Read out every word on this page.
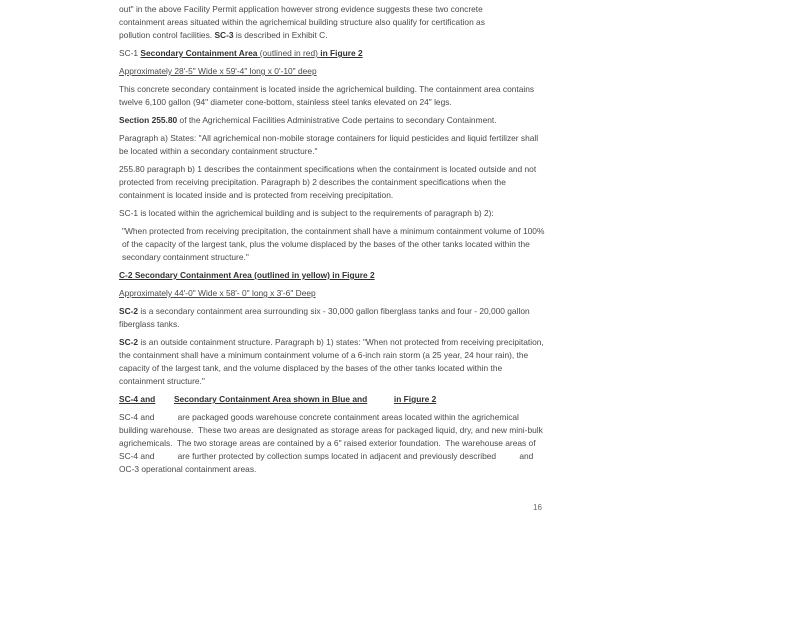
out" in the above Facility Permit application however strong evidence suggests these two concrete
containment areas situated within the agrichemical building structure also qualify for certification as
pollution control facilities. SC-3 is described in Exhibit C.

SC-1 Secondary Containment Area (outlined in red) in Figure 2

Approximately 28'-5" Wide x 59'-4" long x 0'-10" deep

This concrete secondary containment is located inside the agrichemical building. The containment area contains twelve 6,100 gallon (94" diameter cone-bottom, stainless steel tanks elevated on 24" legs.

Section 255.80 of the Agrichemical Facilities Administrative Code pertains to secondary Containment.

Paragraph a) States: "All agrichemical non-mobile storage containers for liquid pesticides and liquid fertilizer shall be located within a secondary containment structure."

255.80 paragraph b) 1 describes the containment specifications when the containment is located outside and not protected from receiving precipitation. Paragraph b) 2 describes the containment specifications when the containment is located inside and is protected from receiving precipitation.

SC-1 is located within the agrichemical building and is subject to the requirements of paragraph b) 2):

"When protected from receiving precipitation, the containment shall have a minimum containment volume of 100% of the capacity of the largest tank, plus the volume displaced by the bases of the other tanks located within the secondary containment structure."

C-2 Secondary Containment Area (outlined in yellow) in Figure 2

Approximately 44'-0" Wide x 58'- 0" long x 3'-6" Deep

SC-2 is a secondary containment area surrounding six - 30,000 gallon fiberglass tanks and four - 20,000 gallon fiberglass tanks.

SC-2 is an outside containment structure. Paragraph b) 1) states: "When not protected from receiving precipitation, the containment shall have a minimum containment volume of a 6-inch rain storm (a 25 year, 24 hour rain), the capacity of the largest tank, and the volume displaced by the bases of the other tanks located within the containment structure."

SC-4 and Secondary Containment Area shown in Blue and	in Figure 2

SC-4 and          are packaged goods warehouse concrete containment areas located within the agrichemical building warehouse.  These two areas are designated as storage areas for packaged liquid, dry, and new mini-bulk agrichemicals.  The two storage areas are contained by a 6" raised exterior foundation.  The warehouse areas of SC-4 and          are further protected by collection sumps located in adjacent and previously described          and OC-3 operational containment areas.

16
